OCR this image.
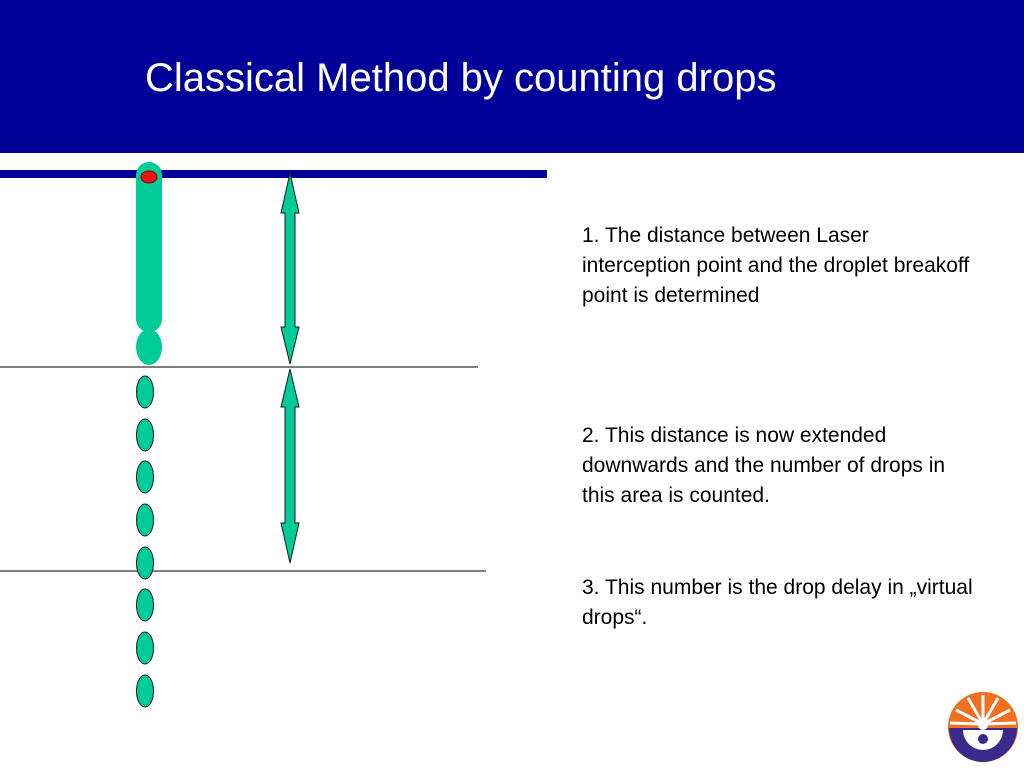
Classical Method by counting drops

1. The distance between Laser interception point and the droplet breakoff point is determined

2. This distance is now extended downwards and the number of drops in this area is counted.

3. This number is the drop delay in „virtual drops“.
